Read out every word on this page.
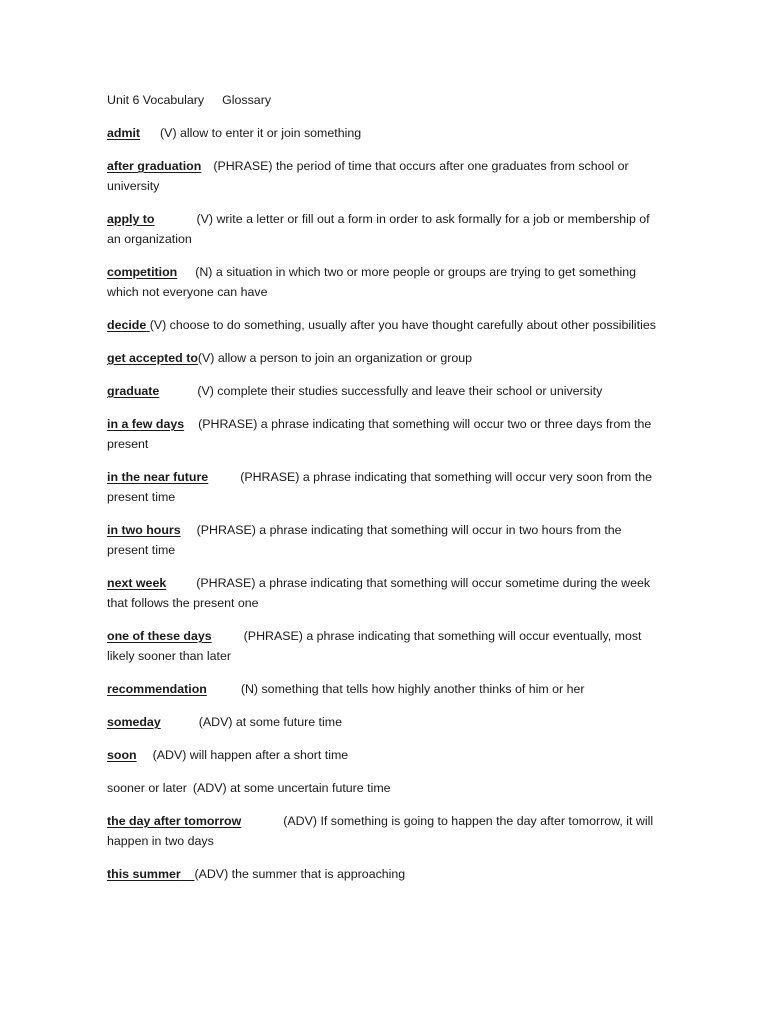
Unit 6 Vocabulary Glossary
admit (V) allow to enter it or join something
after graduation (PHRASE) the period of time that occurs after one graduates from school or university
apply to	(V) write a letter or fill out a form in order to ask formally for a job or membership of an organization
competition (N) a situation in which two or more people or groups are trying to get something which not everyone can have
decide (V) choose to do something, usually after you have thought carefully about other possibilities
get accepted to(V) allow a person to join an organization or group
graduate	(V) complete their studies successfully and leave their school or university
in a few days (PHRASE) a phrase indicating that something will occur two or three days from the present
in the near future	(PHRASE) a phrase indicating that something will occur very soon from the present time
in two hours (PHRASE) a phrase indicating that something will occur in two hours from the present time
next week (PHRASE) a phrase indicating that something will occur sometime during the week that follows the present one
one of these days	(PHRASE) a phrase indicating that something will occur eventually, most likely sooner than later
recommendation	(N) something that tells how highly another thinks of him or her
someday	(ADV) at some future time
soon (ADV) will happen after a short time
sooner or later (ADV) at some uncertain future time
the day after tomorrow	(ADV) If something is going to happen the day after tomorrow, it will happen in two days
this summer (ADV) the summer that is approaching
